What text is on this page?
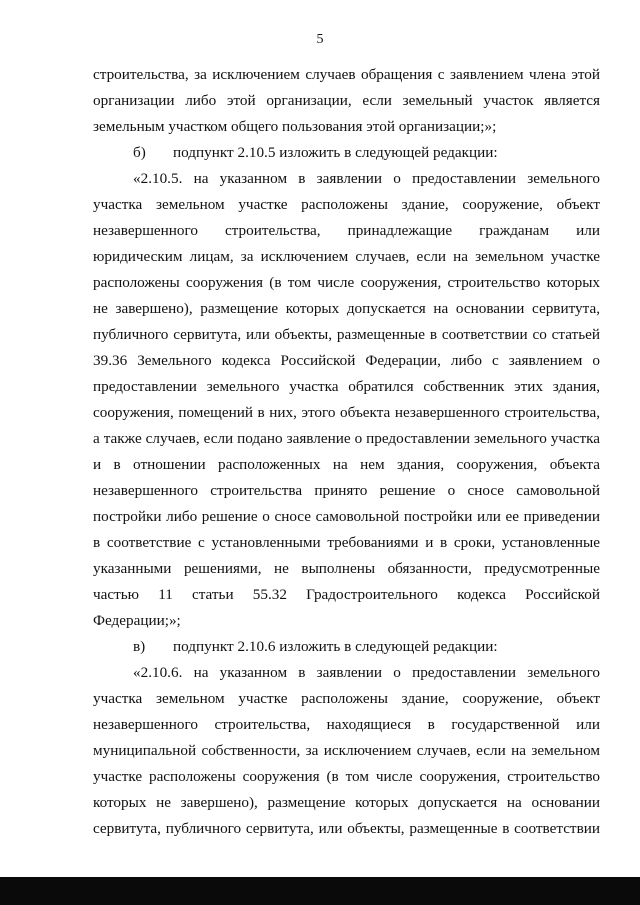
5
строительства, за исключением случаев обращения с заявлением члена этой
организации либо этой организации, если земельный участок является
земельным участком общего пользования этой организации;»;
б)	подпункт 2.10.5 изложить в следующей редакции:
«2.10.5. на указанном в заявлении о предоставлении земельного
участка земельном участке расположены здание, сооружение, объект
незавершенного строительства, принадлежащие гражданам или
юридическим лицам, за исключением случаев, если на земельном участке
расположены сооружения (в том числе сооружения, строительство которых
не завершено), размещение которых допускается на основании сервитута,
публичного сервитута, или объекты, размещенные в соответствии со статьей
39.36 Земельного кодекса Российской Федерации, либо с заявлением о
предоставлении земельного участка обратился собственник этих здания,
сооружения, помещений в них, этого объекта незавершенного строительства,
а также случаев, если подано заявление о предоставлении земельного участка
и в отношении расположенных на нем здания, сооружения, объекта
незавершенного строительства принято решение о сносе самовольной
постройки либо решение о сносе самовольной постройки или ее приведении
в соответствие с установленными требованиями и в сроки, установленные
указанными решениями, не выполнены обязанности, предусмотренные
частью 11 статьи 55.32 Градостроительного кодекса Российской
Федерации;»;
в)	подпункт 2.10.6 изложить в следующей редакции:
«2.10.6. на указанном в заявлении о предоставлении земельного
участка земельном участке расположены здание, сооружение, объект
незавершенного строительства, находящиеся в государственной или
муниципальной собственности, за исключением случаев, если на земельном
участке расположены сооружения (в том числе сооружения, строительство
которых не завершено), размещение которых допускается на основании
сервитута, публичного сервитута, или объекты, размещенные в соответствии
